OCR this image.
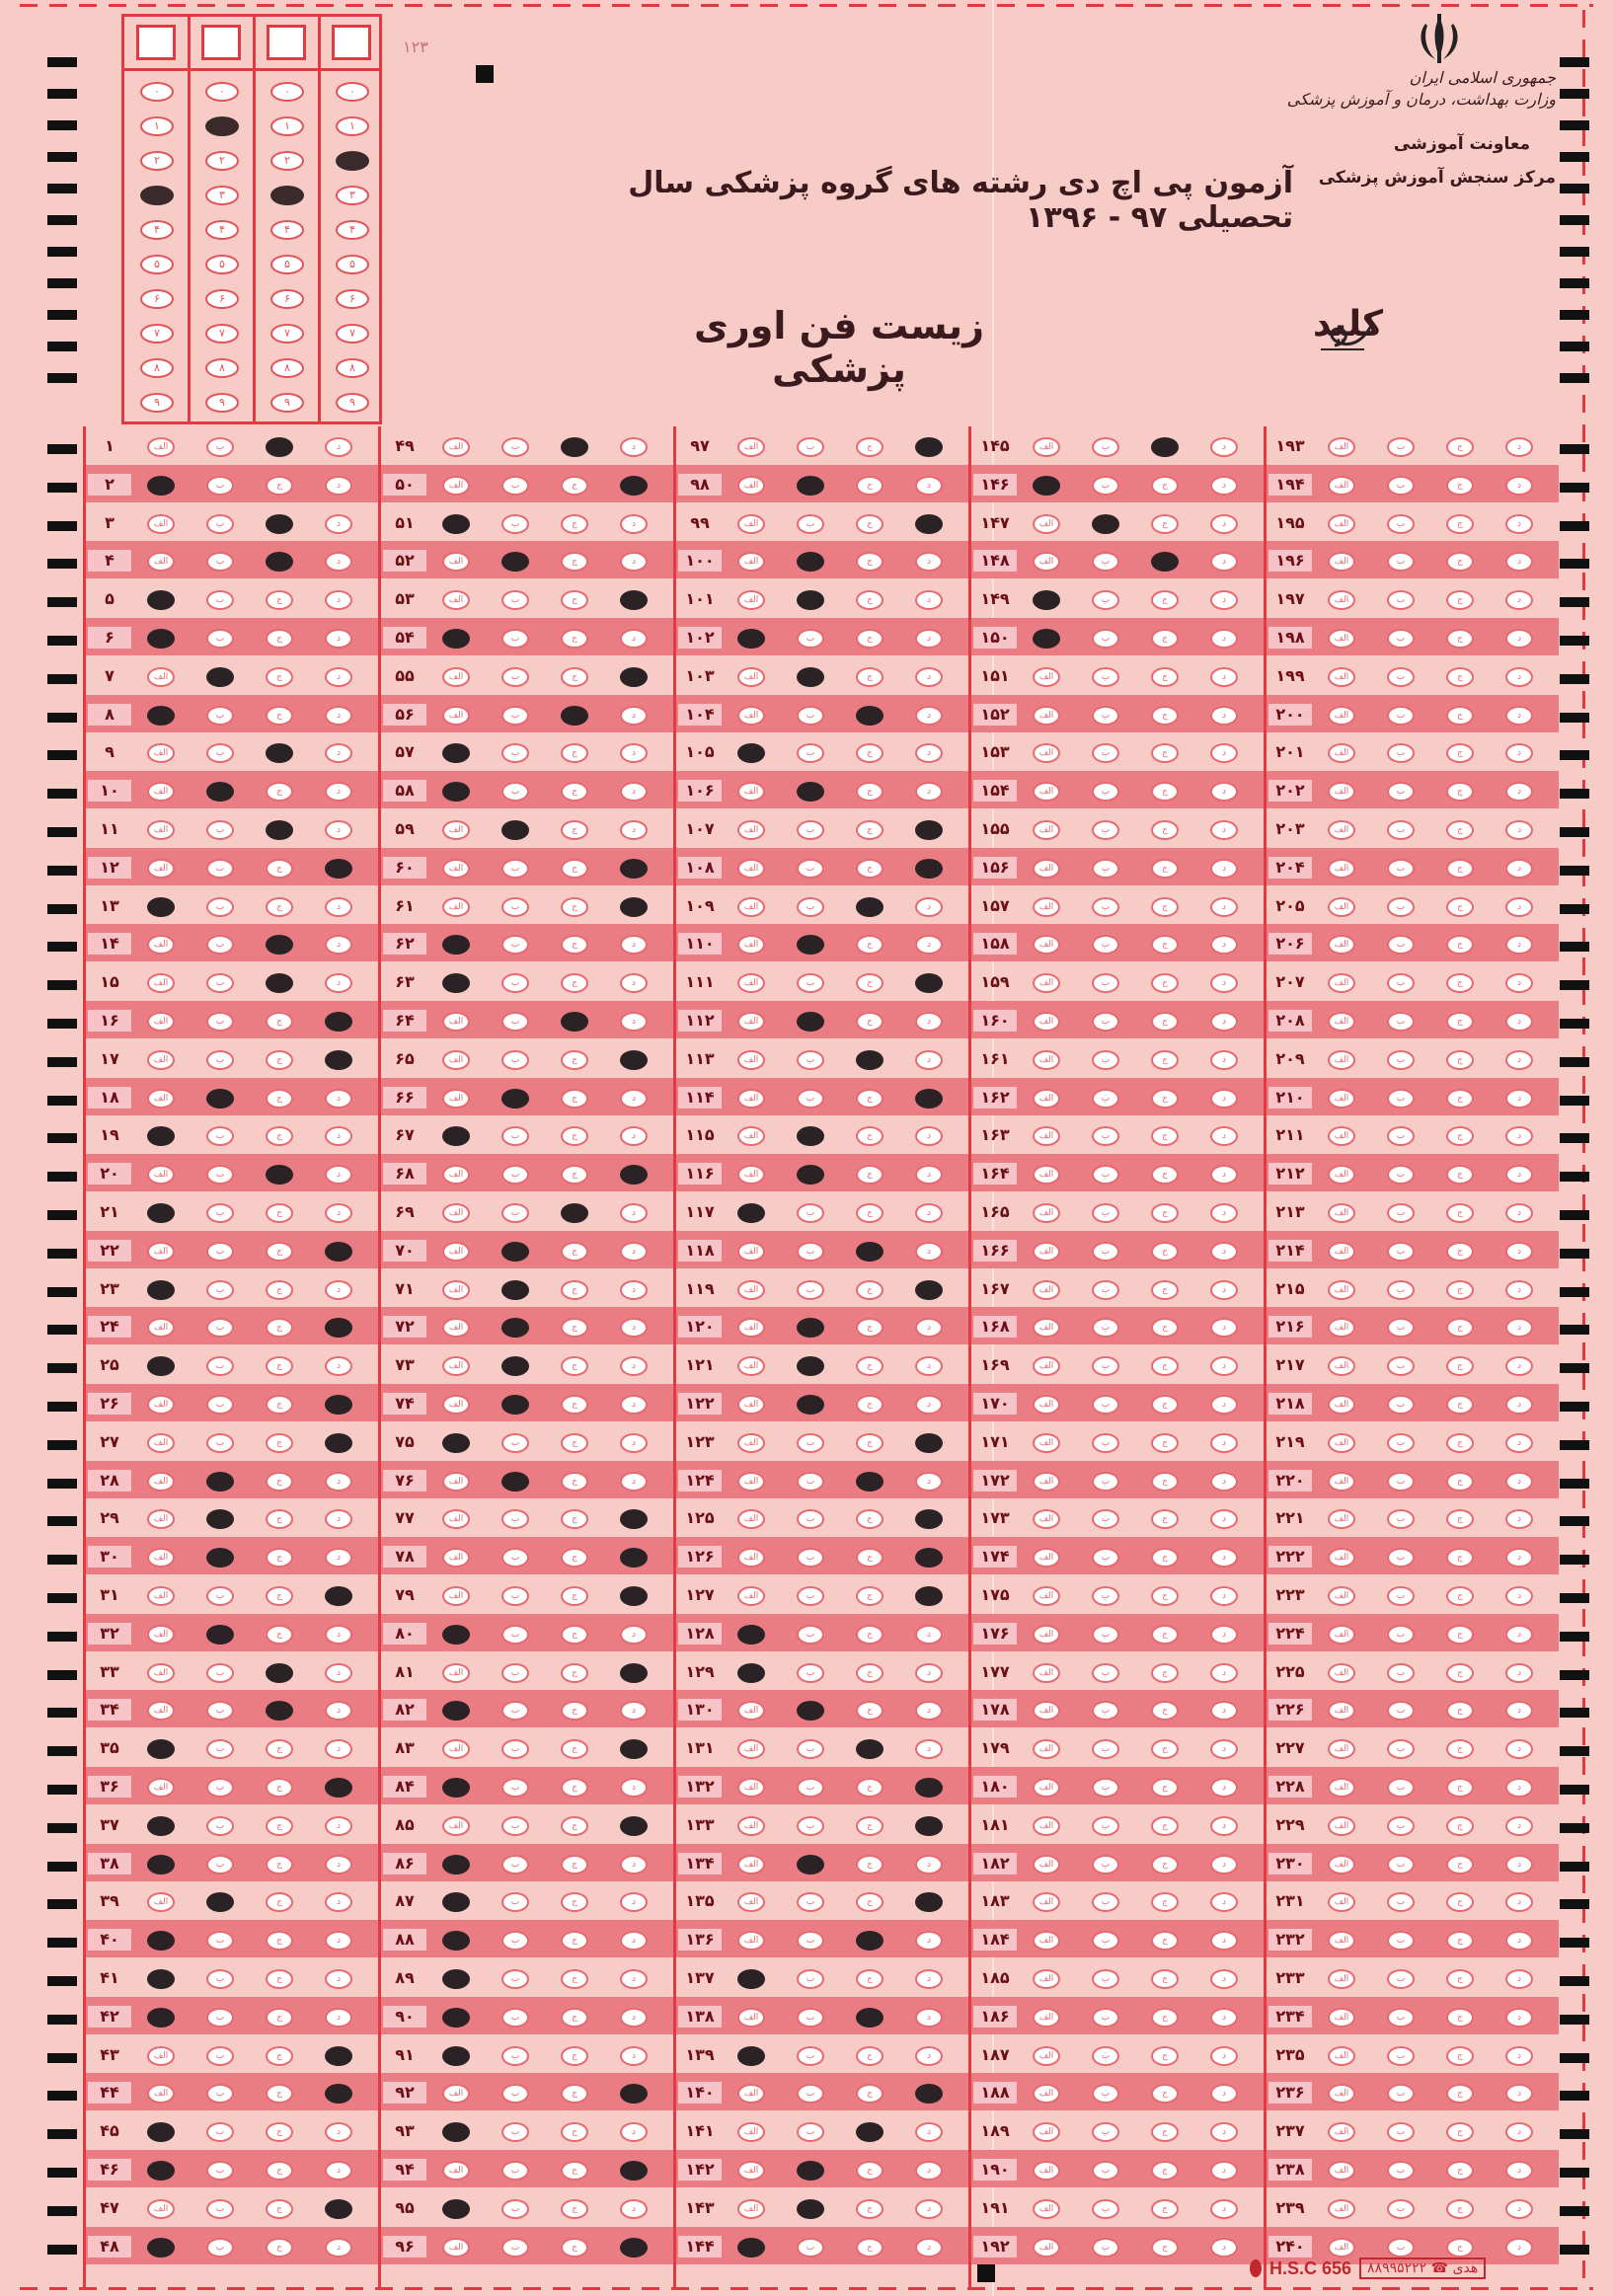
۰
۱
۲
۳
۴
۵
۶
۷
۸
۹
۰
۱
۲
۳
۴
۵
۶
۷
۸
۹
۰
۱
۲
۳
۴
۵
۶
۷
۸
۹
۰
۱
۲
۳
۴
۵
۶
۷
۸
۹
۱۲۳
جمهوری اسلامی ایران
وزارت بهداشت، درمان و آموزش پزشکی
معاونت آموزشی
مرکز سنجش آموزش پزشکی
آزمون پی اچ دی رشته های گروه پزشکی سال تحصیلی ۹۷ - ۱۳۹۶
زیست فن اوری پزشکی
کلید
۱	الف	ب	ج	د
۲	الف	ب	ج	د
۳	الف	ب	ج	د
۴	الف	ب	ج	د
۵	الف	ب	ج	د
۶	الف	ب	ج	د
۷	الف	ب	ج	د
۸	الف	ب	ج	د
۹	الف	ب	ج	د
۱۰	الف	ب	ج	د
۱۱	الف	ب	ج	د
۱۲	الف	ب	ج	د
۱۳	الف	ب	ج	د
۱۴	الف	ب	ج	د
۱۵	الف	ب	ج	د
۱۶	الف	ب	ج	د
۱۷	الف	ب	ج	د
۱۸	الف	ب	ج	د
۱۹	الف	ب	ج	د
۲۰	الف	ب	ج	د
۲۱	الف	ب	ج	د
۲۲	الف	ب	ج	د
۲۳	الف	ب	ج	د
۲۴	الف	ب	ج	د
۲۵	الف	ب	ج	د
۲۶	الف	ب	ج	د
۲۷	الف	ب	ج	د
۲۸	الف	ب	ج	د
۲۹	الف	ب	ج	د
۳۰	الف	ب	ج	د
۳۱	الف	ب	ج	د
۳۲	الف	ب	ج	د
۳۳	الف	ب	ج	د
۳۴	الف	ب	ج	د
۳۵	الف	ب	ج	د
۳۶	الف	ب	ج	د
۳۷	الف	ب	ج	د
۳۸	الف	ب	ج	د
۳۹	الف	ب	ج	د
۴۰	الف	ب	ج	د
۴۱	الف	ب	ج	د
۴۲	الف	ب	ج	د
۴۳	الف	ب	ج	د
۴۴	الف	ب	ج	د
۴۵	الف	ب	ج	د
۴۶	الف	ب	ج	د
۴۷	الف	ب	ج	د
۴۸	الف	ب	ج	د
۴۹	الف	ب	ج	د
۵۰	الف	ب	ج	د
۵۱	الف	ب	ج	د
۵۲	الف	ب	ج	د
۵۳	الف	ب	ج	د
۵۴	الف	ب	ج	د
۵۵	الف	ب	ج	د
۵۶	الف	ب	ج	د
۵۷	الف	ب	ج	د
۵۸	الف	ب	ج	د
۵۹	الف	ب	ج	د
۶۰	الف	ب	ج	د
۶۱	الف	ب	ج	د
۶۲	الف	ب	ج	د
۶۳	الف	ب	ج	د
۶۴	الف	ب	ج	د
۶۵	الف	ب	ج	د
۶۶	الف	ب	ج	د
۶۷	الف	ب	ج	د
۶۸	الف	ب	ج	د
۶۹	الف	ب	ج	د
۷۰	الف	ب	ج	د
۷۱	الف	ب	ج	د
۷۲	الف	ب	ج	د
۷۳	الف	ب	ج	د
۷۴	الف	ب	ج	د
۷۵	الف	ب	ج	د
۷۶	الف	ب	ج	د
۷۷	الف	ب	ج	د
۷۸	الف	ب	ج	د
۷۹	الف	ب	ج	د
۸۰	الف	ب	ج	د
۸۱	الف	ب	ج	د
۸۲	الف	ب	ج	د
۸۳	الف	ب	ج	د
۸۴	الف	ب	ج	د
۸۵	الف	ب	ج	د
۸۶	الف	ب	ج	د
۸۷	الف	ب	ج	د
۸۸	الف	ب	ج	د
۸۹	الف	ب	ج	د
۹۰	الف	ب	ج	د
۹۱	الف	ب	ج	د
۹۲	الف	ب	ج	د
۹۳	الف	ب	ج	د
۹۴	الف	ب	ج	د
۹۵	الف	ب	ج	د
۹۶	الف	ب	ج	د
۹۷	الف	ب	ج	د
۹۸	الف	ب	ج	د
۹۹	الف	ب	ج	د
۱۰۰	الف	ب	ج	د
۱۰۱	الف	ب	ج	د
۱۰۲	الف	ب	ج	د
۱۰۳	الف	ب	ج	د
۱۰۴	الف	ب	ج	د
۱۰۵	الف	ب	ج	د
۱۰۶	الف	ب	ج	د
۱۰۷	الف	ب	ج	د
۱۰۸	الف	ب	ج	د
۱۰۹	الف	ب	ج	د
۱۱۰	الف	ب	ج	د
۱۱۱	الف	ب	ج	د
۱۱۲	الف	ب	ج	د
۱۱۳	الف	ب	ج	د
۱۱۴	الف	ب	ج	د
۱۱۵	الف	ب	ج	د
۱۱۶	الف	ب	ج	د
۱۱۷	الف	ب	ج	د
۱۱۸	الف	ب	ج	د
۱۱۹	الف	ب	ج	د
۱۲۰	الف	ب	ج	د
۱۲۱	الف	ب	ج	د
۱۲۲	الف	ب	ج	د
۱۲۳	الف	ب	ج	د
۱۲۴	الف	ب	ج	د
۱۲۵	الف	ب	ج	د
۱۲۶	الف	ب	ج	د
۱۲۷	الف	ب	ج	د
۱۲۸	الف	ب	ج	د
۱۲۹	الف	ب	ج	د
۱۳۰	الف	ب	ج	د
۱۳۱	الف	ب	ج	د
۱۳۲	الف	ب	ج	د
۱۳۳	الف	ب	ج	د
۱۳۴	الف	ب	ج	د
۱۳۵	الف	ب	ج	د
۱۳۶	الف	ب	ج	د
۱۳۷	الف	ب	ج	د
۱۳۸	الف	ب	ج	د
۱۳۹	الف	ب	ج	د
۱۴۰	الف	ب	ج	د
۱۴۱	الف	ب	ج	د
۱۴۲	الف	ب	ج	د
۱۴۳	الف	ب	ج	د
۱۴۴	الف	ب	ج	د
۱۴۵	الف	ب	ج	د
۱۴۶	الف	ب	ج	د
۱۴۷	الف	ب	ج	د
۱۴۸	الف	ب	ج	د
۱۴۹	الف	ب	ج	د
۱۵۰	الف	ب	ج	د
۱۵۱	الف	ب	ج	د
۱۵۲	الف	ب	ج	د
۱۵۳	الف	ب	ج	د
۱۵۴	الف	ب	ج	د
۱۵۵	الف	ب	ج	د
۱۵۶	الف	ب	ج	د
۱۵۷	الف	ب	ج	د
۱۵۸	الف	ب	ج	د
۱۵۹	الف	ب	ج	د
۱۶۰	الف	ب	ج	د
۱۶۱	الف	ب	ج	د
۱۶۲	الف	ب	ج	د
۱۶۳	الف	ب	ج	د
۱۶۴	الف	ب	ج	د
۱۶۵	الف	ب	ج	د
۱۶۶	الف	ب	ج	د
۱۶۷	الف	ب	ج	د
۱۶۸	الف	ب	ج	د
۱۶۹	الف	ب	ج	د
۱۷۰	الف	ب	ج	د
۱۷۱	الف	ب	ج	د
۱۷۲	الف	ب	ج	د
۱۷۳	الف	ب	ج	د
۱۷۴	الف	ب	ج	د
۱۷۵	الف	ب	ج	د
۱۷۶	الف	ب	ج	د
۱۷۷	الف	ب	ج	د
۱۷۸	الف	ب	ج	د
۱۷۹	الف	ب	ج	د
۱۸۰	الف	ب	ج	د
۱۸۱	الف	ب	ج	د
۱۸۲	الف	ب	ج	د
۱۸۳	الف	ب	ج	د
۱۸۴	الف	ب	ج	د
۱۸۵	الف	ب	ج	د
۱۸۶	الف	ب	ج	د
۱۸۷	الف	ب	ج	د
۱۸۸	الف	ب	ج	د
۱۸۹	الف	ب	ج	د
۱۹۰	الف	ب	ج	د
۱۹۱	الف	ب	ج	د
۱۹۲	الف	ب	ج	د
۱۹۳	الف	ب	ج	د
۱۹۴	الف	ب	ج	د
۱۹۵	الف	ب	ج	د
۱۹۶	الف	ب	ج	د
۱۹۷	الف	ب	ج	د
۱۹۸	الف	ب	ج	د
۱۹۹	الف	ب	ج	د
۲۰۰	الف	ب	ج	د
۲۰۱	الف	ب	ج	د
۲۰۲	الف	ب	ج	د
۲۰۳	الف	ب	ج	د
۲۰۴	الف	ب	ج	د
۲۰۵	الف	ب	ج	د
۲۰۶	الف	ب	ج	د
۲۰۷	الف	ب	ج	د
۲۰۸	الف	ب	ج	د
۲۰۹	الف	ب	ج	د
۲۱۰	الف	ب	ج	د
۲۱۱	الف	ب	ج	د
۲۱۲	الف	ب	ج	د
۲۱۳	الف	ب	ج	د
۲۱۴	الف	ب	ج	د
۲۱۵	الف	ب	ج	د
۲۱۶	الف	ب	ج	د
۲۱۷	الف	ب	ج	د
۲۱۸	الف	ب	ج	د
۲۱۹	الف	ب	ج	د
۲۲۰	الف	ب	ج	د
۲۲۱	الف	ب	ج	د
۲۲۲	الف	ب	ج	د
۲۲۳	الف	ب	ج	د
۲۲۴	الف	ب	ج	د
۲۲۵	الف	ب	ج	د
۲۲۶	الف	ب	ج	د
۲۲۷	الف	ب	ج	د
۲۲۸	الف	ب	ج	د
۲۲۹	الف	ب	ج	د
۲۳۰	الف	ب	ج	د
۲۳۱	الف	ب	ج	د
۲۳۲	الف	ب	ج	د
۲۳۳	الف	ب	ج	د
۲۳۴	الف	ب	ج	د
۲۳۵	الف	ب	ج	د
۲۳۶	الف	ب	ج	د
۲۳۷	الف	ب	ج	د
۲۳۸	الف	ب	ج	د
۲۳۹	الف	ب	ج	د
۲۴۰	الف	ب	ج	د
H.S.C 656	هدی ☎ ۸۸۹۹۵۲۲۲
